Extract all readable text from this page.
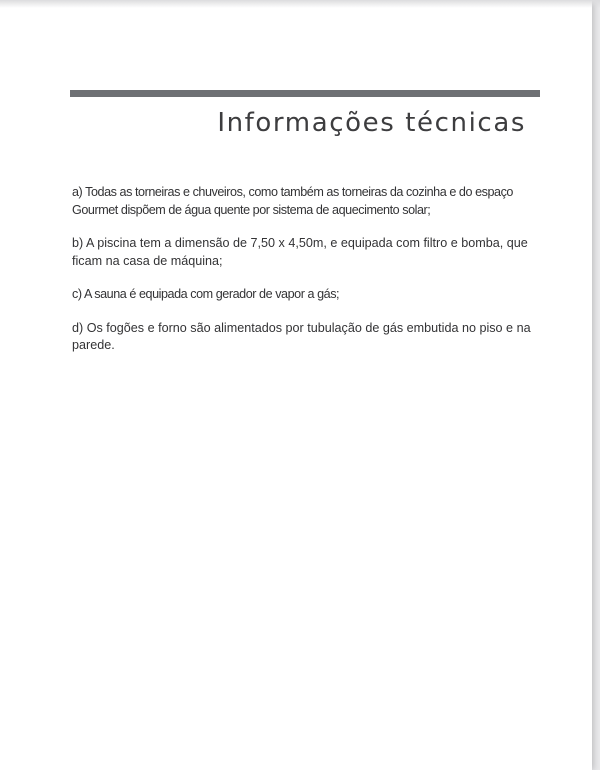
Informações técnicas

a) Todas as torneiras e chuveiros, como também as torneiras da cozinha e do espaço Gourmet dispõem de água quente por sistema de aquecimento solar;

b) A piscina tem a dimensão de 7,50 x 4,50m, e equipada com filtro e bomba, que ficam na casa de máquina;

c) A sauna é equipada com gerador de vapor a gás;

d) Os fogões e forno são alimentados por tubulação de gás embutida no piso e na parede.
